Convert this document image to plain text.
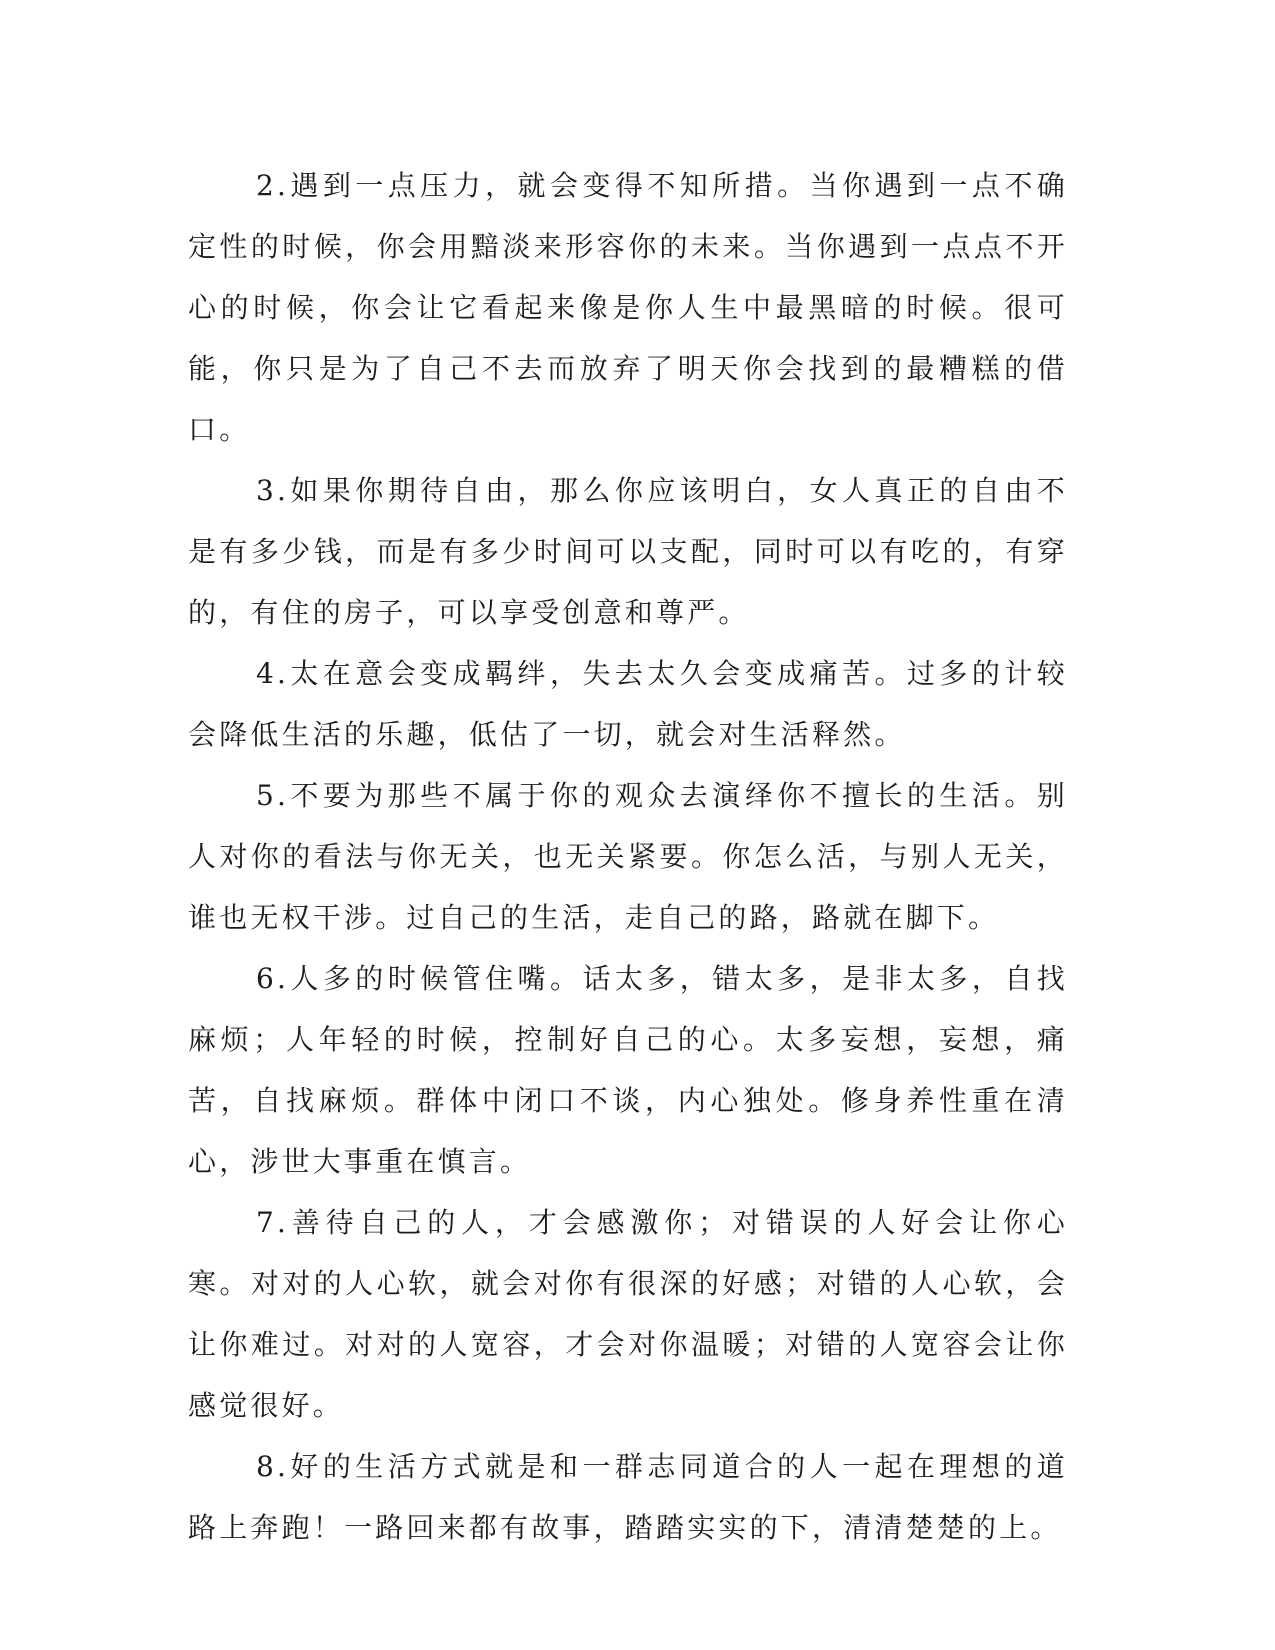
2.遇到一点压力，就会变得不知所措。当你遇到一点不确定性的时候，你会用黯淡来形容你的未来。当你遇到一点点不开心的时候，你会让它看起来像是你人生中最黑暗的时候。很可能，你只是为了自己不去而放弃了明天你会找到的最糟糕的借口。

3.如果你期待自由，那么你应该明白，女人真正的自由不是有多少钱，而是有多少时间可以支配，同时可以有吃的，有穿的，有住的房子，可以享受创意和尊严。

4.太在意会变成羁绊，失去太久会变成痛苦。过多的计较会降低生活的乐趣，低估了一切，就会对生活释然。

5.不要为那些不属于你的观众去演绎你不擅长的生活。别人对你的看法与你无关，也无关紧要。你怎么活，与别人无关，谁也无权干涉。过自己的生活，走自己的路，路就在脚下。

6.人多的时候管住嘴。话太多，错太多，是非太多，自找麻烦；人年轻的时候，控制好自己的心。太多妄想，妄想，痛苦，自找麻烦。群体中闭口不谈，内心独处。修身养性重在清心，涉世大事重在慎言。

7.善待自己的人，才会感激你；对错误的人好会让你心寒。对对的人心软，就会对你有很深的好感；对错的人心软，会让你难过。对对的人宽容，才会对你温暖；对错的人宽容会让你感觉很好。

8.好的生活方式就是和一群志同道合的人一起在理想的道路上奔跑！一路回来都有故事，踏踏实实的下，清清楚楚的上。
